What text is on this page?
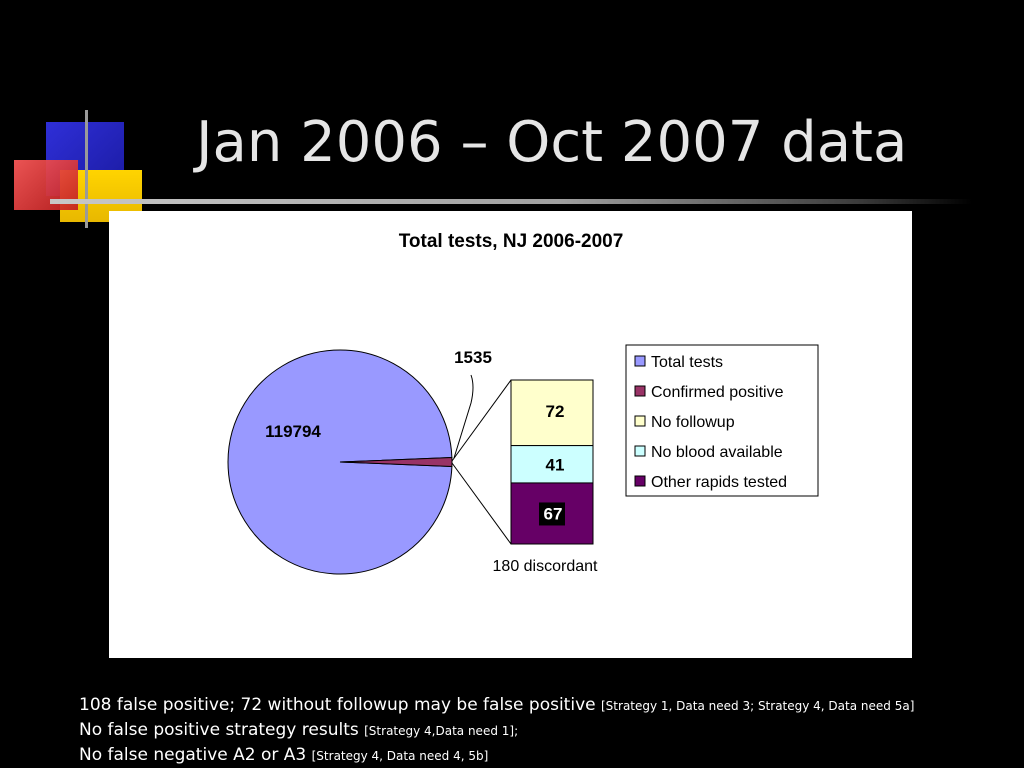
Jan 2006 – Oct 2007 data
Total tests, NJ 2006-2007
119794
1535
72
41
67
180 discordant
Total tests
Confirmed positive
No followup
No blood available
Other rapids tested
108 false positive; 72 without followup may be false positive [Strategy 1, Data need 3; Strategy 4, Data need 5a]
No false positive strategy results [Strategy 4,Data need 1];
No false negative A2 or A3 [Strategy 4, Data need 4, 5b]
